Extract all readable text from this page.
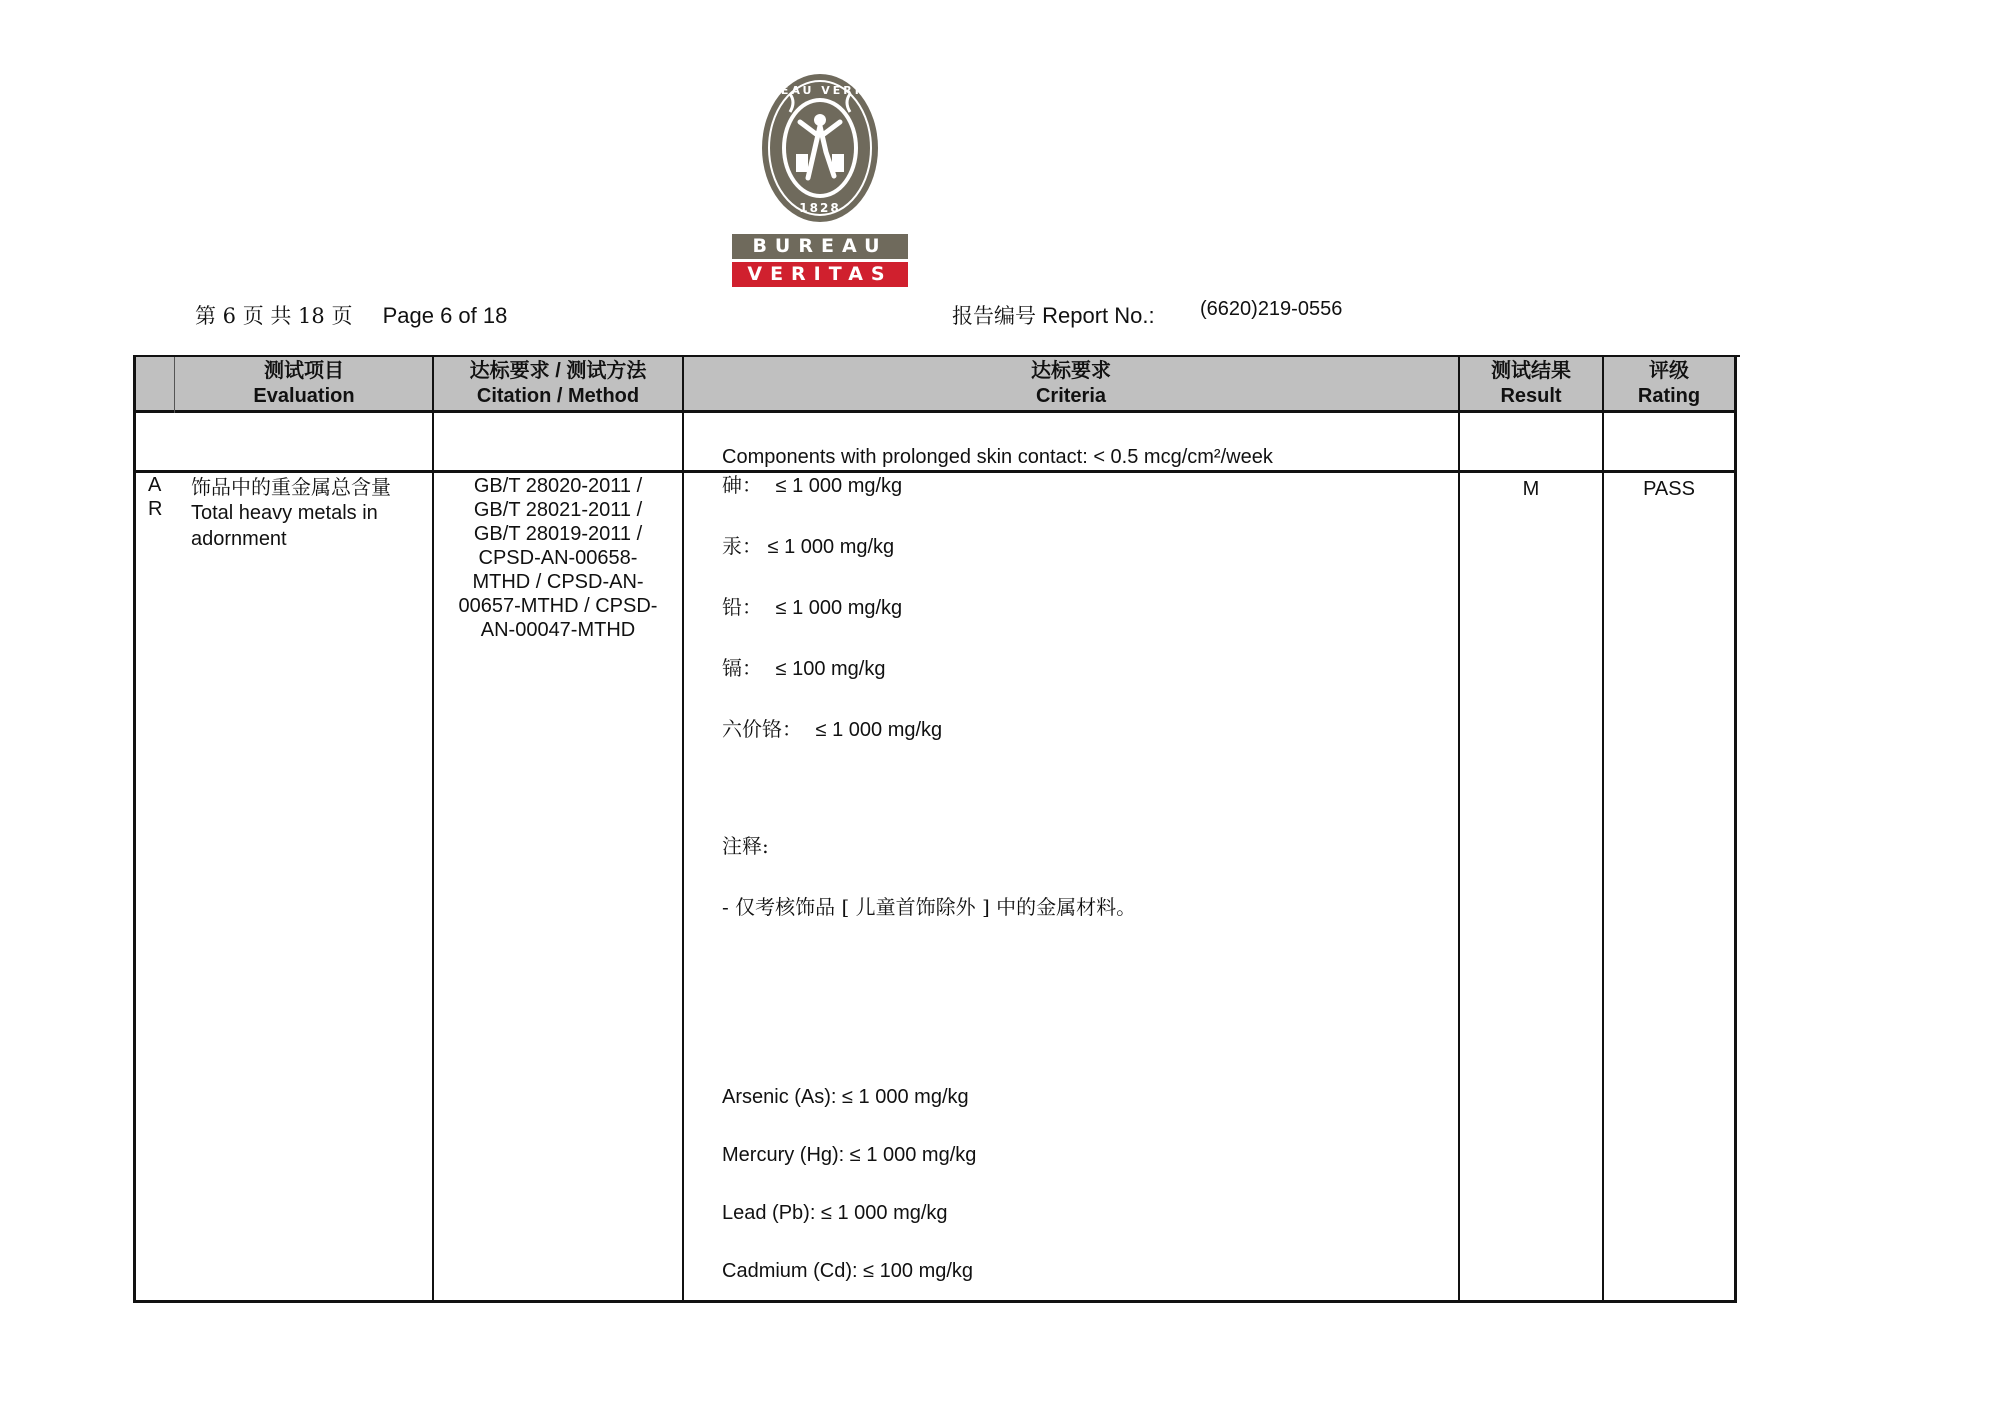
BUREAU VERITAS
1828
BUREAU
VERITAS
第 6 页 共 18 页 Page 6 of 18	报告编号 Report No.: (6620)219-0556
测试项目
Evaluation
达标要求 / 测试方法
Citation / Method
达标要求
Criteria
测试结果
Result
评级
Rating
Components with prolonged skin contact: < 0.5 mcg/cm²/week
A
R
饰品中的重金属总含量
Total heavy metals in
adornment
GB/T 28020-2011 /
GB/T 28021-2011 /
GB/T 28019-2011 /
CPSD-AN-00658-
MTHD / CPSD-AN-
00657-MTHD / CPSD-
AN-00047-MTHD
砷： ≤ 1 000 mg/kg
汞： ≤ 1 000 mg/kg
铅： ≤ 1 000 mg/kg
镉： ≤ 100 mg/kg
六价铬： ≤ 1 000 mg/kg
注释:
- 仅考核饰品 [ 儿童首饰除外 ] 中的金属材料。
Arsenic (As): ≤ 1 000 mg/kg
Mercury (Hg): ≤ 1 000 mg/kg
Lead (Pb): ≤ 1 000 mg/kg
Cadmium (Cd): ≤ 100 mg/kg
M	PASS
